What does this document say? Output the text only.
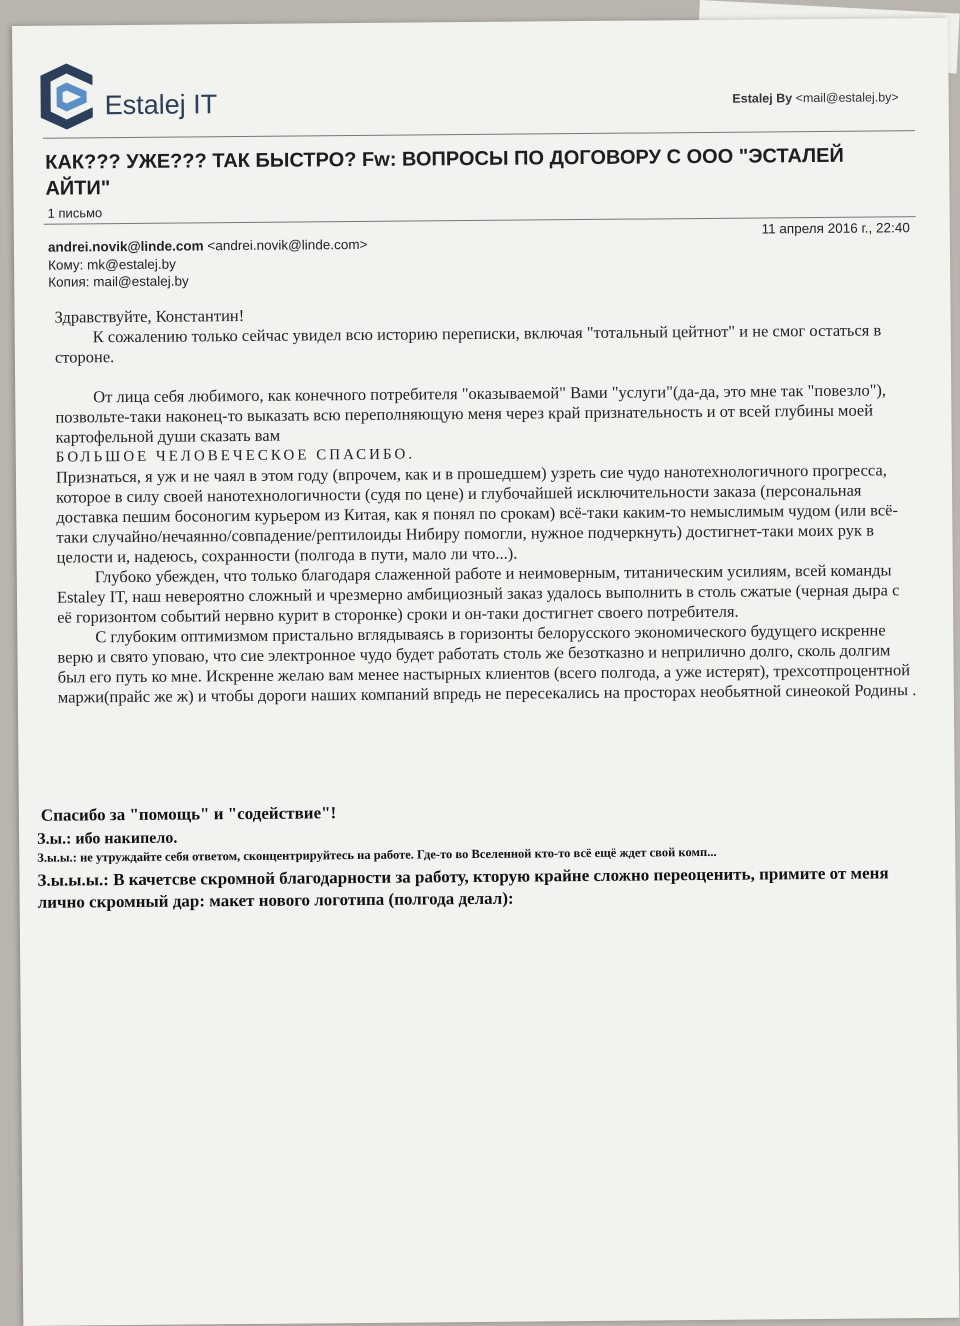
Estalej IT	Estalej By <mail@estalej.by>
КАК??? УЖЕ??? ТАК БЫСТРО? Fw: ВОПРОСЫ ПО ДОГОВОРУ С ООО "ЭСТАЛЕЙ АЙТИ"
1 письмо
11 апреля 2016 г., 22:40
andrei.novik@linde.com <andrei.novik@linde.com>
Кому: mk@estalej.by
Копия: mail@estalej.by

Здравствуйте, Константин!

К сожалению только сейчас увидел всю историю переписки, включая "тотальный цейтнот" и не смог остаться в стороне.

От лица себя любимого, как конечного потребителя "оказываемой" Вами "услуги"(да-да, это мне так "повезло"), позвольте-таки наконец-то выказать всю переполняющую меня через край признательность и от всей глубины моей картофельной души сказать вам

БОЛЬШОЕ ЧЕЛОВЕЧЕСКОЕ СПАСИБО.

Признаться, я уж и не чаял в этом году (впрочем, как и в прошедшем) узреть сие чудо нанотехнологичного прогресса, которое в силу своей нанотехнологичности (судя по цене) и глубочайшей исключительности заказа (персональная доставка пешим босоногим курьером из Китая, как я понял по срокам) всё-таки каким-то немыслимым чудом (или всё-таки случайно/нечаянно/совпадение/рептилоиды Нибиру помогли, нужное подчеркнуть) достигнет-таки моих рук в целости и, надеюсь, сохранности (полгода в пути, мало ли что...).

Глубоко убежден, что только благодаря слаженной работе и неимоверным, титаническим усилиям, всей команды Estaley IT, наш невероятно сложный и чрезмерно амбициозный заказ удалось выполнить в столь сжатые (черная дыра с её горизонтом событий нервно курит в сторонке) сроки и он-таки достигнет своего потребителя.

С глубоким оптимизмом пристально вглядываясь в горизонты белорусского экономического будущего искренне верю и свято уповаю, что сие электронное чудо будет работать столь же безотказно и неприлично долго, сколь долгим был его путь ко мне. Искренне желаю вам менее настырных клиентов (всего полгода, а уже истерят), трехсотпроцентной маржи(прайс же ж) и чтобы дороги наших компаний впредь не пересекались на просторах необьятной синеокой Родины .

Спасибо за "помощь" и "содействие"!
З.ы.: ибо накипело.
З.ы.ы.: не утруждайте себя ответом, сконцентрируйтесь на работе. Где-то во Вселенной кто-то всё ещё ждет свой комп...
З.ы.ы.ы.: В качетсве скромной благодарности за работу, кторую крайне сложно переоценить, примите от меня лично скромный дар: макет нового логотипа (полгода делал):
